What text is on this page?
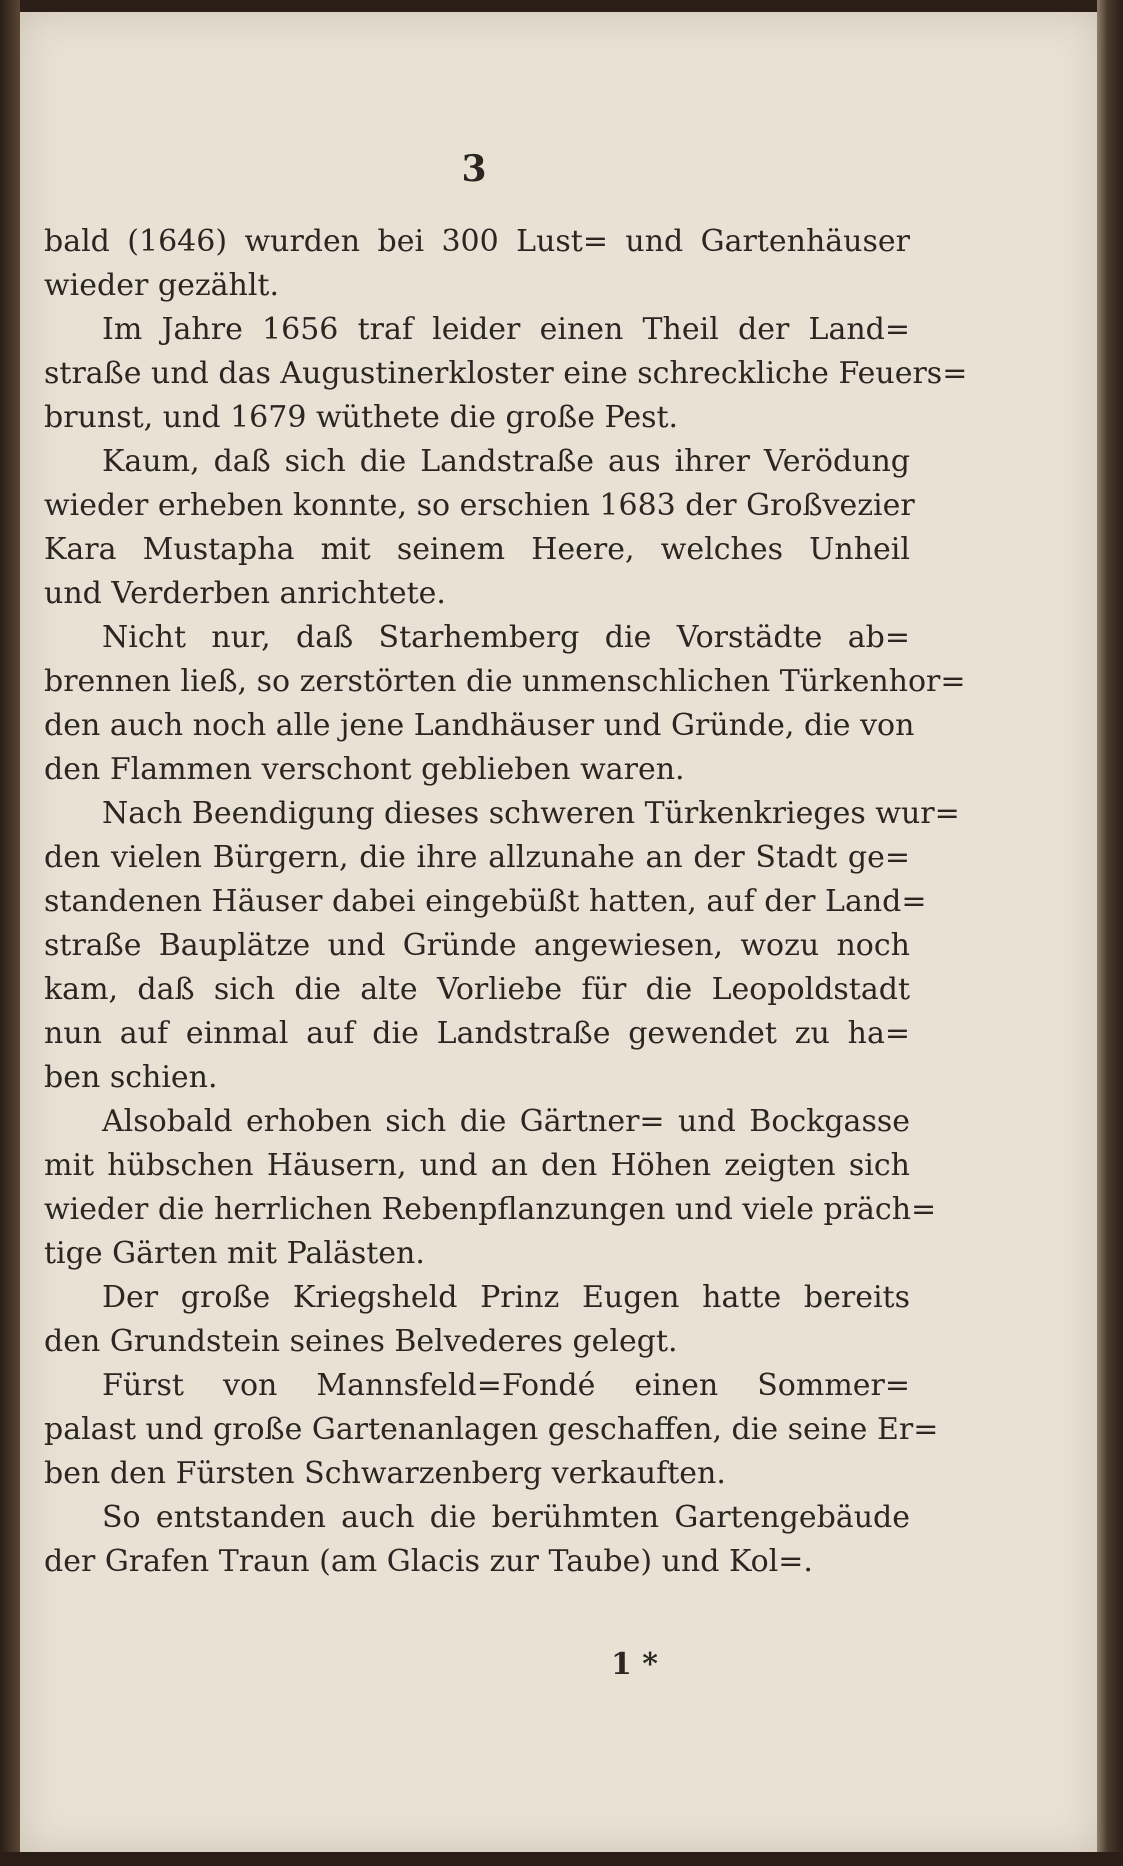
3
bald (1646) wurden bei 300 Lust= und Gartenhäuser
wieder gezählt.
Im Jahre 1656 traf leider einen Theil der Land=
straße und das Augustinerkloster eine schreckliche Feuers=
brunst, und 1679 wüthete die große Pest.
Kaum, daß sich die Landstraße aus ihrer Verödung
wieder erheben konnte, so erschien 1683 der Großvezier
Kara Mustapha mit seinem Heere, welches Unheil
und Verderben anrichtete.
Nicht nur, daß Starhemberg die Vorstädte ab=
brennen ließ, so zerstörten die unmenschlichen Türkenhor=
den auch noch alle jene Landhäuser und Gründe, die von
den Flammen verschont geblieben waren.
Nach Beendigung dieses schweren Türkenkrieges wur=
den vielen Bürgern, die ihre allzunahe an der Stadt ge=
standenen Häuser dabei eingebüßt hatten, auf der Land=
straße Bauplätze und Gründe angewiesen, wozu noch
kam, daß sich die alte Vorliebe für die Leopoldstadt
nun auf einmal auf die Landstraße gewendet zu ha=
ben schien.
Alsobald erhoben sich die Gärtner= und Bockgasse
mit hübschen Häusern, und an den Höhen zeigten sich
wieder die herrlichen Rebenpflanzungen und viele präch=
tige Gärten mit Palästen.
Der große Kriegsheld Prinz Eugen hatte bereits
den Grundstein seines Belvederes gelegt.
Fürst von Mannsfeld=Fondé einen Sommer=
palast und große Gartenanlagen geschaffen, die seine Er=
ben den Fürsten Schwarzenberg verkauften.
So entstanden auch die berühmten Gartengebäude
der Grafen Traun (am Glacis zur Taube) und Kol=.
1 *
